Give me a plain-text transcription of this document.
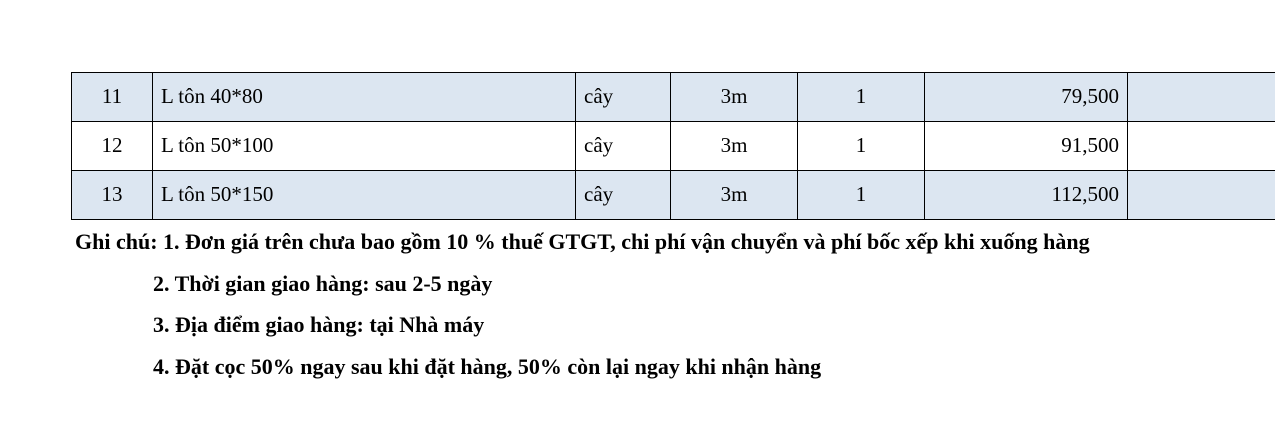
11	L tôn 40*80	cây	3m	1	79,500	
12	L tôn 50*100	cây	3m	1	91,500	
13	L tôn 50*150	cây	3m	1	112,500	

Ghi chú: 1. Đơn giá trên chưa bao gồm 10 % thuế GTGT, chi phí vận chuyển và phí bốc xếp khi xuống hàng

2. Thời gian giao hàng: sau 2-5 ngày

3. Địa điểm giao hàng: tại Nhà máy

4. Đặt cọc 50% ngay sau khi đặt hàng, 50% còn lại ngay khi nhận hàng
